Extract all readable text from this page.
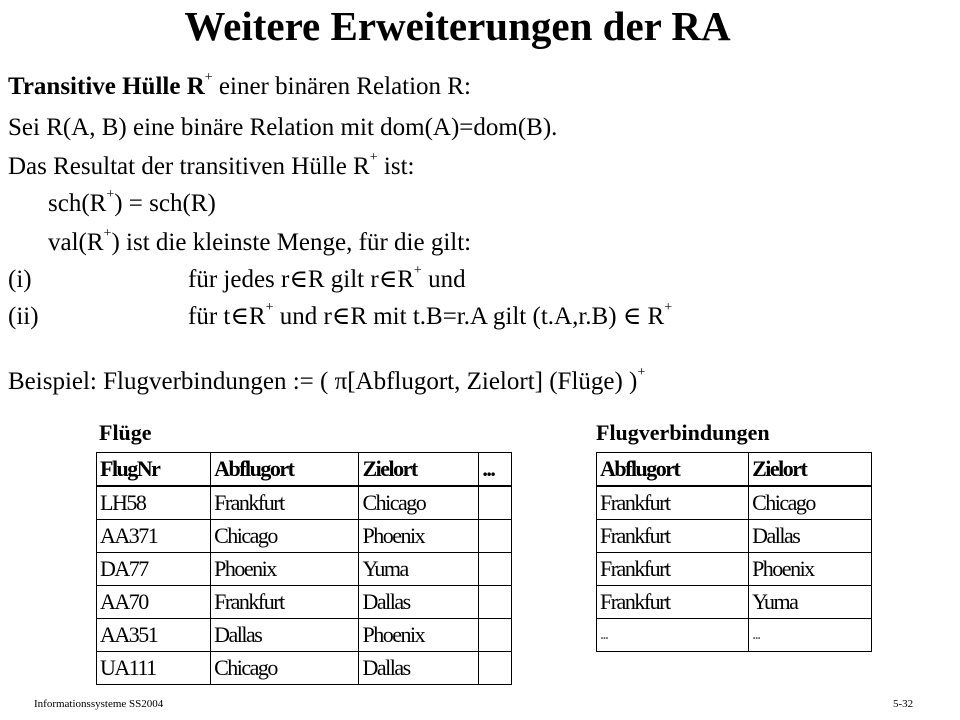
Weitere Erweiterungen der RA
Transitive Hülle R+ einer binären Relation R:
Sei R(A, B) eine binäre Relation mit dom(A)=dom(B).
Das Resultat der transitiven Hülle R+ ist:
sch(R+) = sch(R)
val(R+) ist die kleinste Menge, für die gilt:
(i)	für jedes r∈R gilt r∈R+ und
(ii)	für t∈R+ und r∈R mit t.B=r.A gilt (t.A,r.B) ∈ R+
Beispiel: Flugverbindungen := ( π[Abflugort, Zielort] (Flüge) )+
Flüge
FlugNr	Abflugort	Zielort	...
LH58	Frankfurt	Chicago	
AA371	Chicago	Phoenix	
DA77	Phoenix	Yuma	
AA70	Frankfurt	Dallas	
AA351	Dallas	Phoenix	
UA111	Chicago	Dallas	
Flugverbindungen
Abflugort	Zielort
Frankfurt	Chicago
Frankfurt	Dallas
Frankfurt	Phoenix
Frankfurt	Yuma
...	...
Informationssysteme SS2004	5-32
